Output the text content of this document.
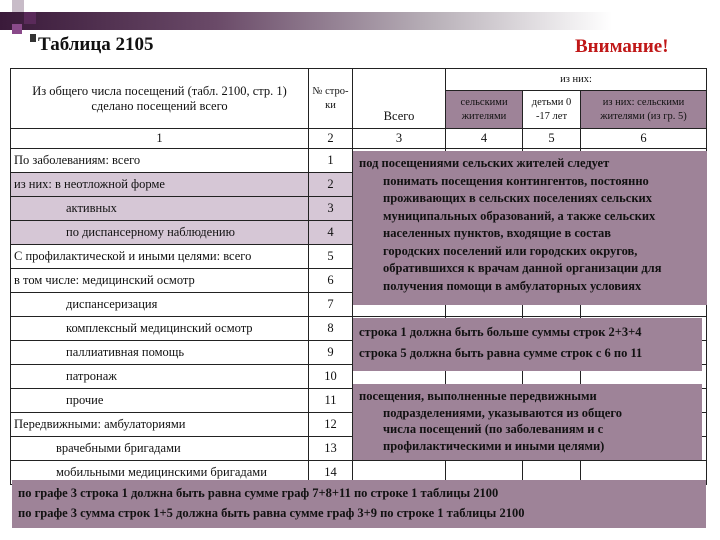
Таблица 2105	Внимание!
Из общего числа посещений (табл. 2100, стр. 1) сделано посещений всего	№ стро-ки	Всего	из них:		
			сельскими жителями	детьми 0 -17 лет	из них: сельскими жителями (из гр. 5)
1	2	3	4	5	6
По заболеваниям: всего	1				
из них: в неотложной форме	2				
активных	3				
по диспансерному наблюдению	4				
С профилактической и иными целями: всего	5				
в том числе: медицинский осмотр	6				
диспансеризация	7				
комплексный медицинский осмотр	8				
паллиативная помощь	9				
патронаж	10				
прочие	11				
Передвижными: амбулаториями	12				
врачебными бригадами	13				
мобильными медицинскими бригадами	14				
под посещениями сельских жителей следует
понимать посещения контингентов, постоянно
проживающих в сельских поселениях сельских
муниципальных образований, а также сельских
населенных пунктов, входящие в состав
городских поселений или городских округов,
обратившихся к врачам данной организации для
получения помощи в амбулаторных условиях
строка 1 должна быть больше суммы строк 2+3+4
строка 5 должна быть равна сумме строк с 6 по 11
посещения, выполненные передвижными
подразделениями, указываются из общего
числа посещений (по заболеваниям и с
профилактическими и иными целями)
по графе 3 строка 1 должна быть равна сумме граф 7+8+11 по строке 1 таблицы 2100
по графе 3 сумма строк 1+5 должна быть равна сумме граф 3+9 по строке 1 таблицы 2100
